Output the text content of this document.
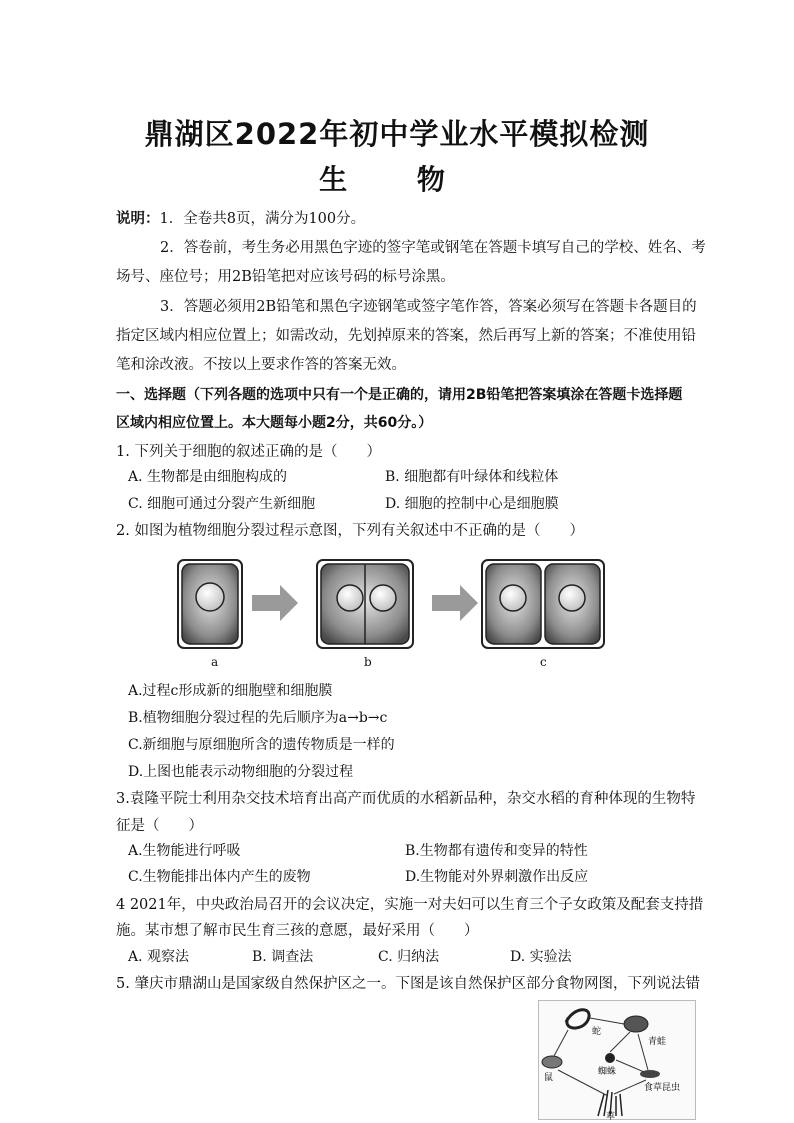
鼎湖区2022年初中学业水平模拟检测
生 物
说明：1．全卷共8页，满分为100分。
2．答卷前，考生务必用黑色字迹的签字笔或钢笔在答题卡填写自己的学校、姓名、考
场号、座位号；用2B铅笔把对应该号码的标号涂黑。
3．答题必须用2B铅笔和黑色字迹钢笔或签字笔作答，答案必须写在答题卡各题目的
指定区域内相应位置上；如需改动，先划掉原来的答案，然后再写上新的答案；不准使用铅
笔和涂改液。不按以上要求作答的答案无效。
一、选择题（下列各题的选项中只有一个是正确的，请用2B铅笔把答案填涂在答题卡选择题
区域内相应位置上。本大题每小题2分，共60分。）
1. 下列关于细胞的叙述正确的是（　　）
A. 生物都是由细胞构成的	B. 细胞都有叶绿体和线粒体
C. 细胞可通过分裂产生新细胞	D. 细胞的控制中心是细胞膜
2. 如图为植物细胞分裂过程示意图，下列有关叙述中不正确的是（　　）
a	b	c
A.过程c形成新的细胞壁和细胞膜
B.植物细胞分裂过程的先后顺序为a→b→c
C.新细胞与原细胞所含的遗传物质是一样的
D.上图也能表示动物细胞的分裂过程
3.袁隆平院士利用杂交技术培育出高产而优质的水稻新品种，杂交水稻的育种体现的生物特
征是（　　）
A.生物能进行呼吸	B.生物都有遗传和变异的特性
C.生物能排出体内产生的废物	D.生物能对外界刺激作出反应
4 2021年，中央政治局召开的会议决定，实施一对夫妇可以生育三个子女政策及配套支持措
施。某市想了解市民生育三孩的意愿，最好采用（　　）
A. 观察法	B. 调查法	C. 归纳法	D. 实验法
5. 肇庆市鼎湖山是国家级自然保护区之一。下图是该自然保护区部分食物网图，下列说法错
蛇
青蛙
鼠
蜘蛛
食草昆虫
草
